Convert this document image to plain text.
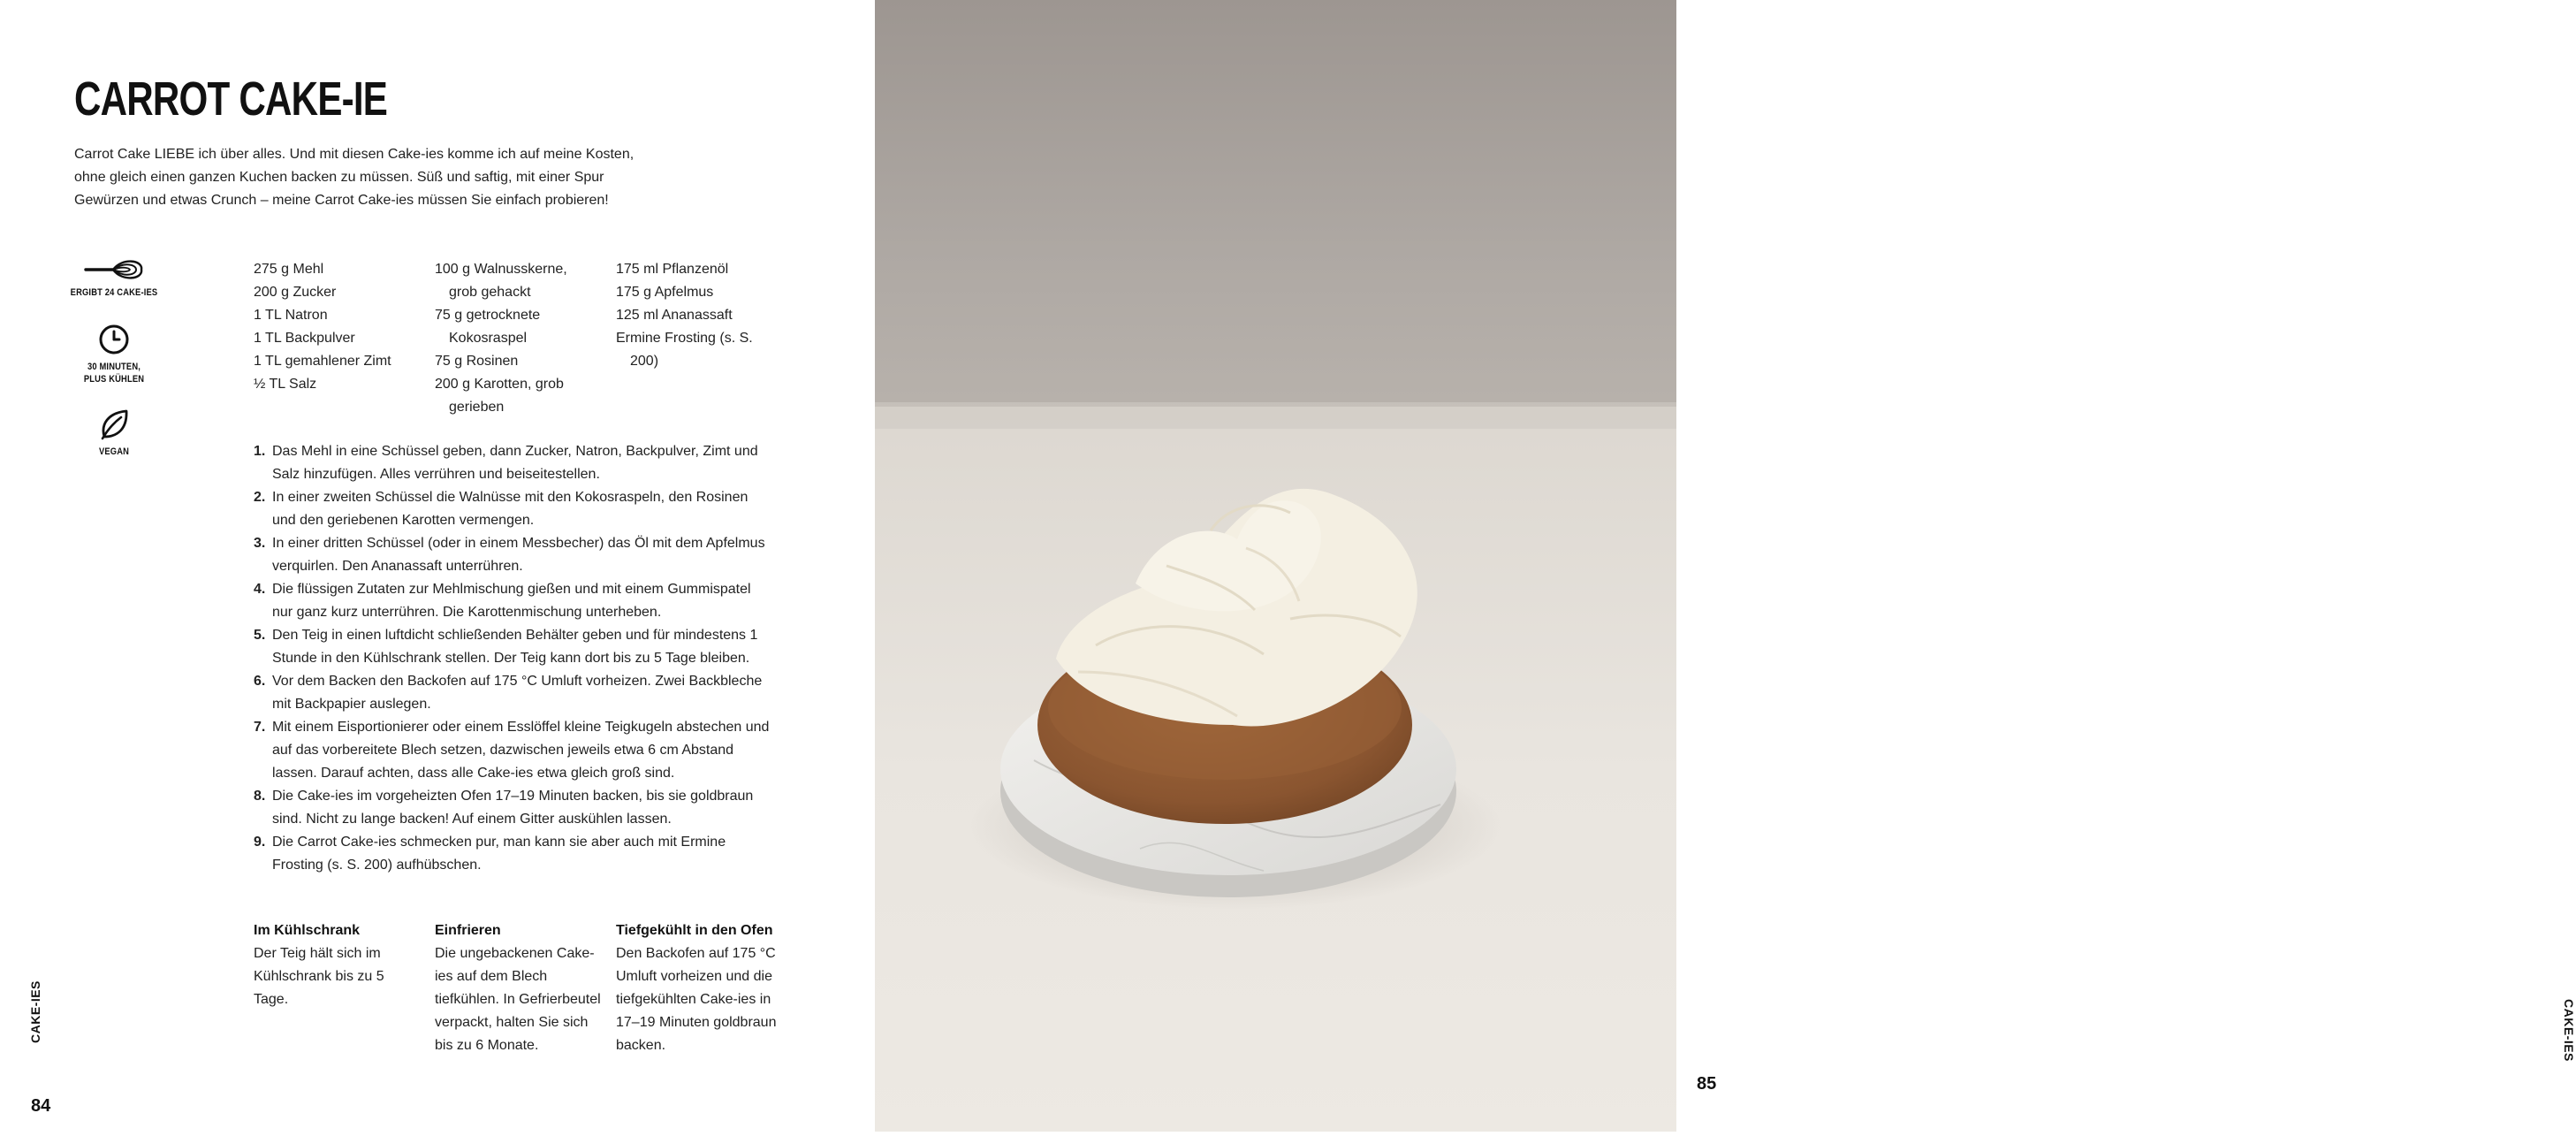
CARROT CAKE-IE

Carrot Cake LIEBE ich über alles. Und mit diesen Cake-ies komme ich auf meine Kosten, ohne gleich einen ganzen Kuchen backen zu müssen. Süß und saftig, mit einer Spur Gewürzen und etwas Crunch – meine Carrot Cake-ies müssen Sie einfach probieren!

ERGIBT 24 CAKE-IES
30 MINUTEN,
PLUS KÜHLEN
VEGAN
275 g Mehl
200 g Zucker
1 TL Natron
1 TL Backpulver
1 TL gemahlener Zimt
½ TL Salz
100 g Walnusskerne, grob gehackt
75 g getrocknete Kokosraspel
75 g Rosinen
200 g Karotten, grob gerieben
175 ml Pflanzenöl
175 g Apfelmus
125 ml Ananassaft
Ermine Frosting (s. S. 200)
1. Das Mehl in eine Schüssel geben, dann Zucker, Natron, Backpulver, Zimt und Salz hinzufügen. Alles verrühren und beiseitestellen.
2. In einer zweiten Schüssel die Walnüsse mit den Kokosraspeln, den Rosinen und den geriebenen Karotten vermengen.
3. In einer dritten Schüssel (oder in einem Messbecher) das Öl mit dem Apfelmus verquirlen. Den Ananassaft unterrühren.
4. Die flüssigen Zutaten zur Mehlmischung gießen und mit einem Gummispatel nur ganz kurz unterrühren. Die Karottenmischung unterheben.
5. Den Teig in einen luftdicht schließenden Behälter geben und für mindestens 1 Stunde in den Kühlschrank stellen. Der Teig kann dort bis zu 5 Tage bleiben.
6. Vor dem Backen den Backofen auf 175 °C Umluft vorheizen. Zwei Backbleche mit Backpapier auslegen.
7. Mit einem Eisportionierer oder einem Esslöffel kleine Teigkugeln abstechen und auf das vorbereitete Blech setzen, dazwischen jeweils etwa 6 cm Abstand lassen. Darauf achten, dass alle Cake-ies etwa gleich groß sind.
8. Die Cake-ies im vorgeheizten Ofen 17–19 Minuten backen, bis sie goldbraun sind. Nicht zu lange backen! Auf einem Gitter auskühlen lassen.
9. Die Carrot Cake-ies schmecken pur, man kann sie aber auch mit Ermine Frosting (s. S. 200) aufhübschen.
Im Kühlschrank
Der Teig hält sich im Kühlschrank bis zu 5 Tage.
Einfrieren
Die ungebackenen Cake-ies auf dem Blech tiefkühlen. In Gefrierbeutel verpackt, halten Sie sich bis zu 6 Monate.
Tiefgekühlt in den Ofen
Den Backofen auf 175 °C Umluft vorheizen und die tiefgekühlten Cake-ies in 17–19 Minuten goldbraun backen.
CAKE-IES
84
CAKE-IES
85
